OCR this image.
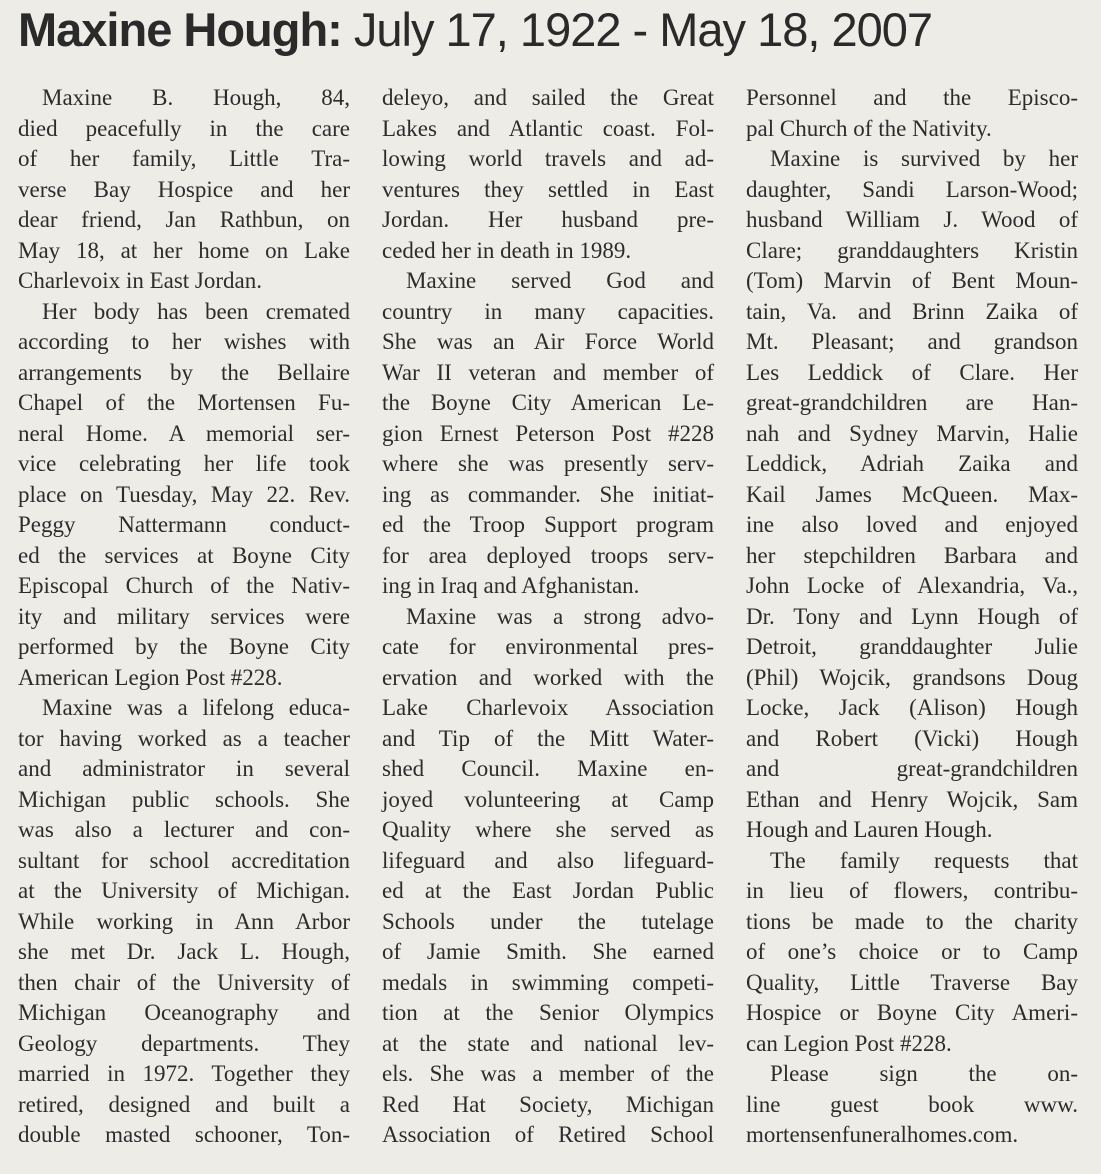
Maxine Hough: July 17, 1922 - May 18, 2007
Maxine B. Hough, 84,
died peacefully in the care
of her family, Little Tra-
verse Bay Hospice and her
dear friend, Jan Rathbun, on
May 18, at her home on Lake
Charlevoix in East Jordan.
Her body has been cremated
according to her wishes with
arrangements by the Bellaire
Chapel of the Mortensen Fu-
neral Home. A memorial ser-
vice celebrating her life took
place on Tuesday, May 22. Rev.
Peggy Nattermann conduct-
ed the services at Boyne City
Episcopal Church of the Nativ-
ity and military services were
performed by the Boyne City
American Legion Post #228.
Maxine was a lifelong educa-
tor having worked as a teacher
and administrator in several
Michigan public schools. She
was also a lecturer and con-
sultant for school accreditation
at the University of Michigan.
While working in Ann Arbor
she met Dr. Jack L. Hough,
then chair of the University of
Michigan Oceanography and
Geology departments. They
married in 1972. Together they
retired, designed and built a
double masted schooner, Ton-
deleyo, and sailed the Great
Lakes and Atlantic coast. Fol-
lowing world travels and ad-
ventures they settled in East
Jordan. Her husband pre-
ceded her in death in 1989.
Maxine served God and
country in many capacities.
She was an Air Force World
War II veteran and member of
the Boyne City American Le-
gion Ernest Peterson Post #228
where she was presently serv-
ing as commander. She initiat-
ed the Troop Support program
for area deployed troops serv-
ing in Iraq and Afghanistan.
Maxine was a strong advo-
cate for environmental pres-
ervation and worked with the
Lake Charlevoix Association
and Tip of the Mitt Water-
shed Council. Maxine en-
joyed volunteering at Camp
Quality where she served as
lifeguard and also lifeguard-
ed at the East Jordan Public
Schools under the tutelage
of Jamie Smith. She earned
medals in swimming competi-
tion at the Senior Olympics
at the state and national lev-
els. She was a member of the
Red Hat Society, Michigan
Association of Retired School
Personnel and the Episco-
pal Church of the Nativity.
Maxine is survived by her
daughter, Sandi Larson-Wood;
husband William J. Wood of
Clare; granddaughters Kristin
(Tom) Marvin of Bent Moun-
tain, Va. and Brinn Zaika of
Mt. Pleasant; and grandson
Les Leddick of Clare. Her
great-grandchildren are Han-
nah and Sydney Marvin, Halie
Leddick, Adriah Zaika and
Kail James McQueen. Max-
ine also loved and enjoyed
her stepchildren Barbara and
John Locke of Alexandria, Va.,
Dr. Tony and Lynn Hough of
Detroit, granddaughter Julie
(Phil) Wojcik, grandsons Doug
Locke, Jack (Alison) Hough
and Robert (Vicki) Hough
and great-grandchildren
Ethan and Henry Wojcik, Sam
Hough and Lauren Hough.
The family requests that
in lieu of flowers, contribu-
tions be made to the charity
of one’s choice or to Camp
Quality, Little Traverse Bay
Hospice or Boyne City Ameri-
can Legion Post #228.
Please sign the on-
line guest book www.
mortensenfuneralhomes.com.
